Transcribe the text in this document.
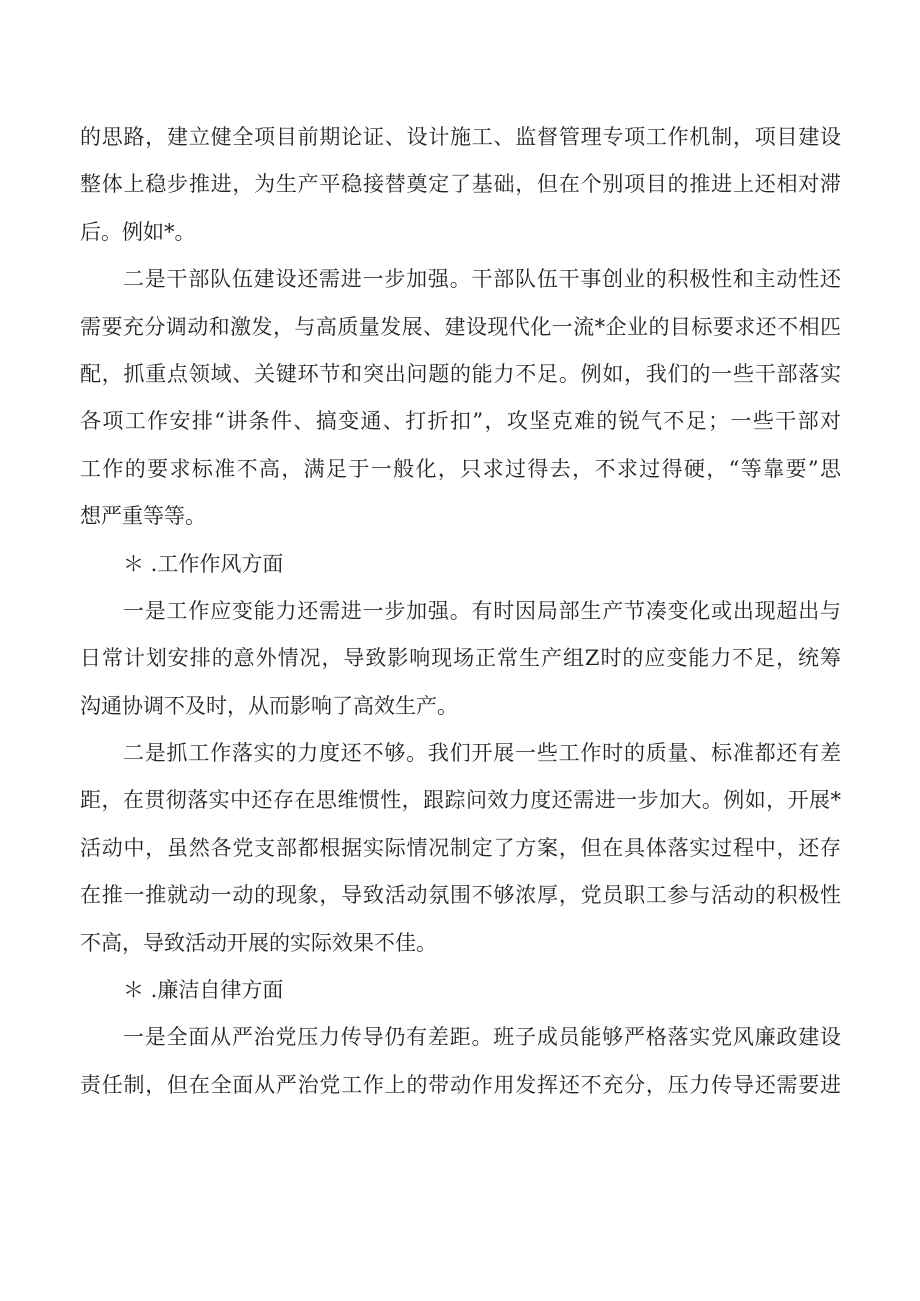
的思路，建立健全项目前期论证、设计施工、监督管理专项工作机制，项目建设
整体上稳步推进，为生产平稳接替奠定了基础，但在个别项目的推进上还相对滞
后。例如*。
二是干部队伍建设还需进一步加强。干部队伍干事创业的积极性和主动性还
需要充分调动和激发，与高质量发展、建设现代化一流*企业的目标要求还不相匹
配，抓重点领域、关键环节和突出问题的能力不足。例如，我们的一些干部落实
各项工作安排“讲条件、搞变通、打折扣”，攻坚克难的锐气不足；一些干部对
工作的要求标准不高，满足于一般化，只求过得去，不求过得硬，“等靠要”思
想严重等等。
＊ .工作作风方面
一是工作应变能力还需进一步加强。有时因局部生产节凑变化或出现超出与
日常计划安排的意外情况，导致影响现场正常生产组Z时的应变能力不足，统筹
沟通协调不及时，从而影响了高效生产。
二是抓工作落实的力度还不够。我们开展一些工作时的质量、标准都还有差
距，在贯彻落实中还存在思维惯性，跟踪问效力度还需进一步加大。例如，开展*
活动中，虽然各党支部都根据实际情况制定了方案，但在具体落实过程中，还存
在推一推就动一动的现象，导致活动氛围不够浓厚，党员职工参与活动的积极性
不高，导致活动开展的实际效果不佳。
＊ .廉洁自律方面
一是全面从严治党压力传导仍有差距。班子成员能够严格落实党风廉政建设
责任制，但在全面从严治党工作上的带动作用发挥还不充分，压力传导还需要进
